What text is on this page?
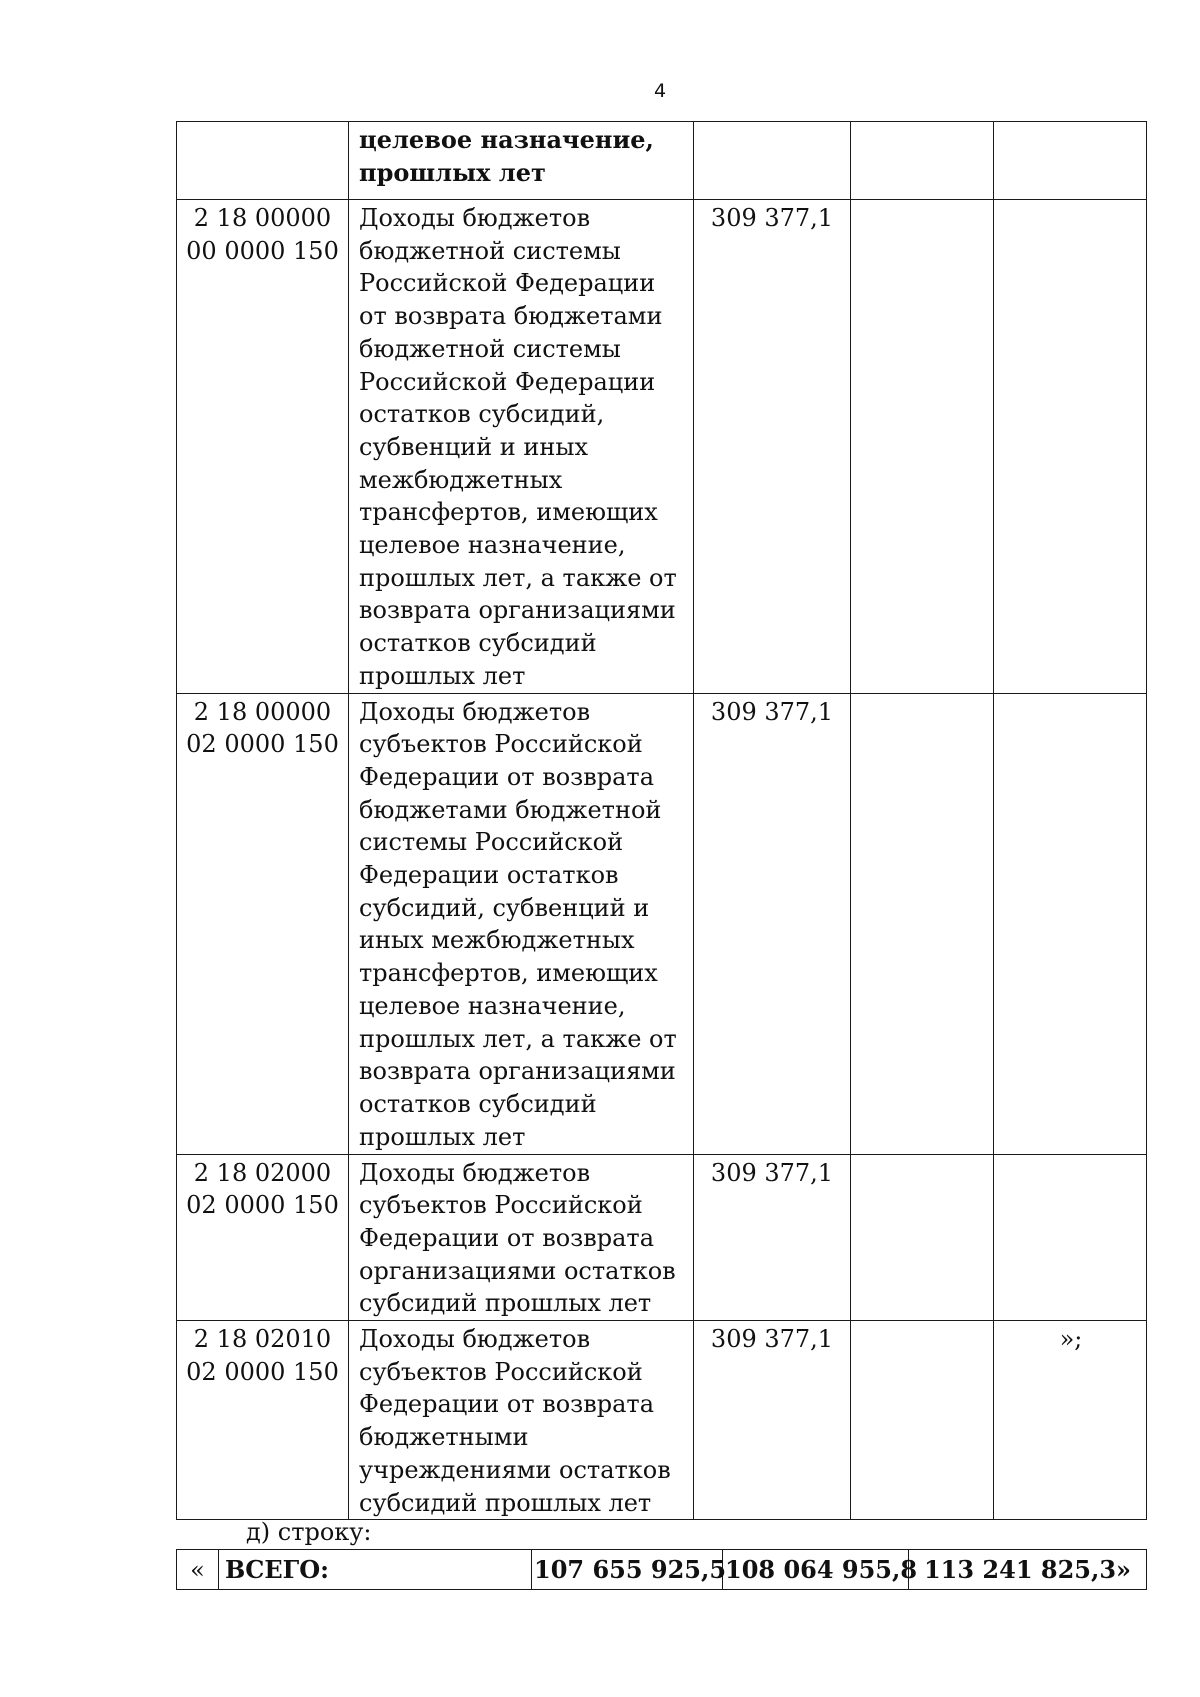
4
	целевое назначение, прошлых лет			
2 18 00000 00 0000 150	Доходы бюджетов бюджетной системы Российской Федерации от возврата бюджетами бюджетной системы Российской Федерации остатков субсидий, субвенций и иных межбюджетных трансфертов, имеющих целевое назначение, прошлых лет, а также от возврата организациями остатков субсидий прошлых лет	309 377,1		
2 18 00000 02 0000 150	Доходы бюджетов субъектов Российской Федерации от возврата бюджетами бюджетной системы Российской Федерации остатков субсидий, субвенций и иных межбюджетных трансфертов, имеющих целевое назначение, прошлых лет, а также от возврата организациями остатков субсидий прошлых лет	309 377,1		
2 18 02000 02 0000 150	Доходы бюджетов субъектов Российской Федерации от возврата организациями остатков субсидий прошлых лет	309 377,1		
2 18 02010 02 0000 150	Доходы бюджетов субъектов Российской Федерации от возврата бюджетными учреждениями остатков субсидий прошлых лет	309 377,1		»;
д) строку:
«	ВСЕГО:	107 655 925,5	108 064 955,8	113 241 825,3»
